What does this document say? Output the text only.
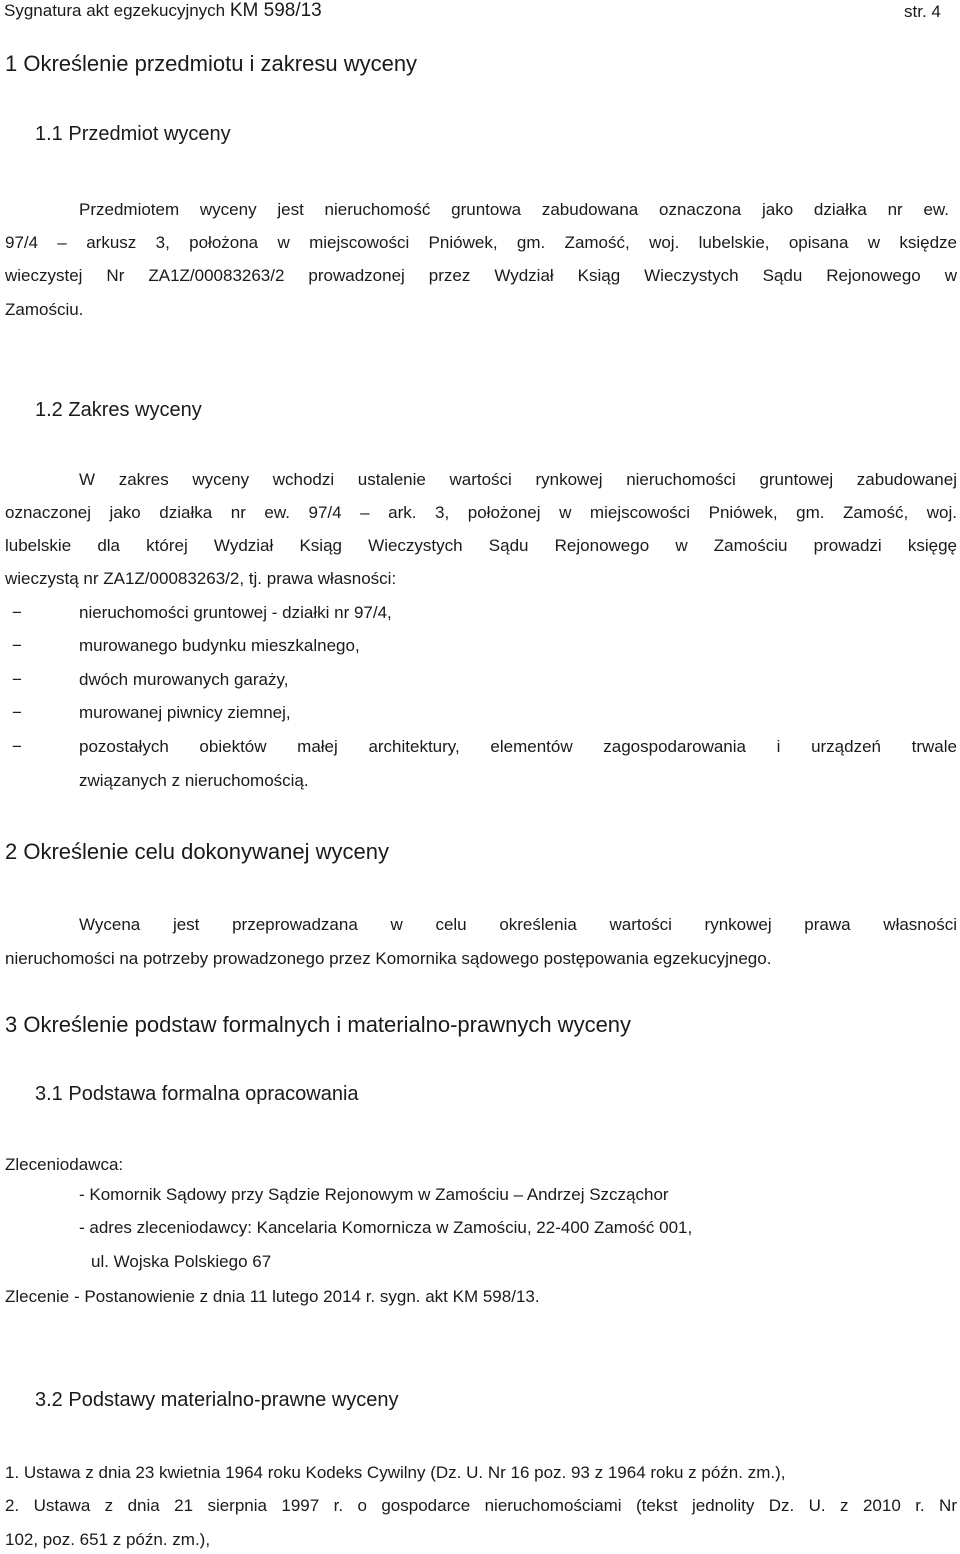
Sygnatura akt egzekucyjnych KM 598/13	str. 4
1 Określenie przedmiotu i zakresu wyceny
1.1 Przedmiot wyceny
Przedmiotem wyceny jest nieruchomość gruntowa zabudowana oznaczona jako działka nr ew.
97/4 – arkusz 3, położona w miejscowości Pniówek, gm. Zamość, woj. lubelskie, opisana w księdze
wieczystej Nr ZA1Z/00083263/2 prowadzonej przez Wydział Ksiąg Wieczystych Sądu Rejonowego w
Zamościu.
1.2 Zakres wyceny
W zakres wyceny wchodzi ustalenie wartości rynkowej nieruchomości gruntowej zabudowanej
oznaczonej jako działka nr ew. 97/4 – ark. 3, położonej w miejscowości Pniówek, gm. Zamość, woj.
lubelskie dla której Wydział Ksiąg Wieczystych Sądu Rejonowego w Zamościu prowadzi księgę
wieczystą nr ZA1Z/00083263/2, tj. prawa własności:
−	nieruchomości gruntowej - działki nr 97/4,
−	murowanego budynku mieszkalnego,
−	dwóch murowanych garaży,
−	murowanej piwnicy ziemnej,
−	pozostałych obiektów małej architektury, elementów zagospodarowania i urządzeń trwale
związanych z nieruchomością.
2 Określenie celu dokonywanej wyceny
Wycena jest przeprowadzana w celu określenia wartości rynkowej prawa własności
nieruchomości na potrzeby prowadzonego przez Komornika sądowego postępowania egzekucyjnego.
3 Określenie podstaw formalnych i materialno-prawnych wyceny
3.1 Podstawa formalna opracowania
Zleceniodawca:
- Komornik Sądowy przy Sądzie Rejonowym w Zamościu – Andrzej Szcząchor
- adres zleceniodawcy: Kancelaria Komornicza w Zamościu, 22-400 Zamość 001,
ul. Wojska Polskiego 67
Zlecenie - Postanowienie z dnia 11 lutego 2014 r. sygn. akt KM 598/13.
3.2 Podstawy materialno-prawne wyceny
1. Ustawa z dnia 23 kwietnia 1964 roku Kodeks Cywilny (Dz. U. Nr 16 poz. 93 z 1964 roku z późn. zm.),
2. Ustawa z dnia 21 sierpnia 1997 r. o gospodarce nieruchomościami (tekst jednolity Dz. U. z 2010 r. Nr
102, poz. 651 z późn. zm.),
